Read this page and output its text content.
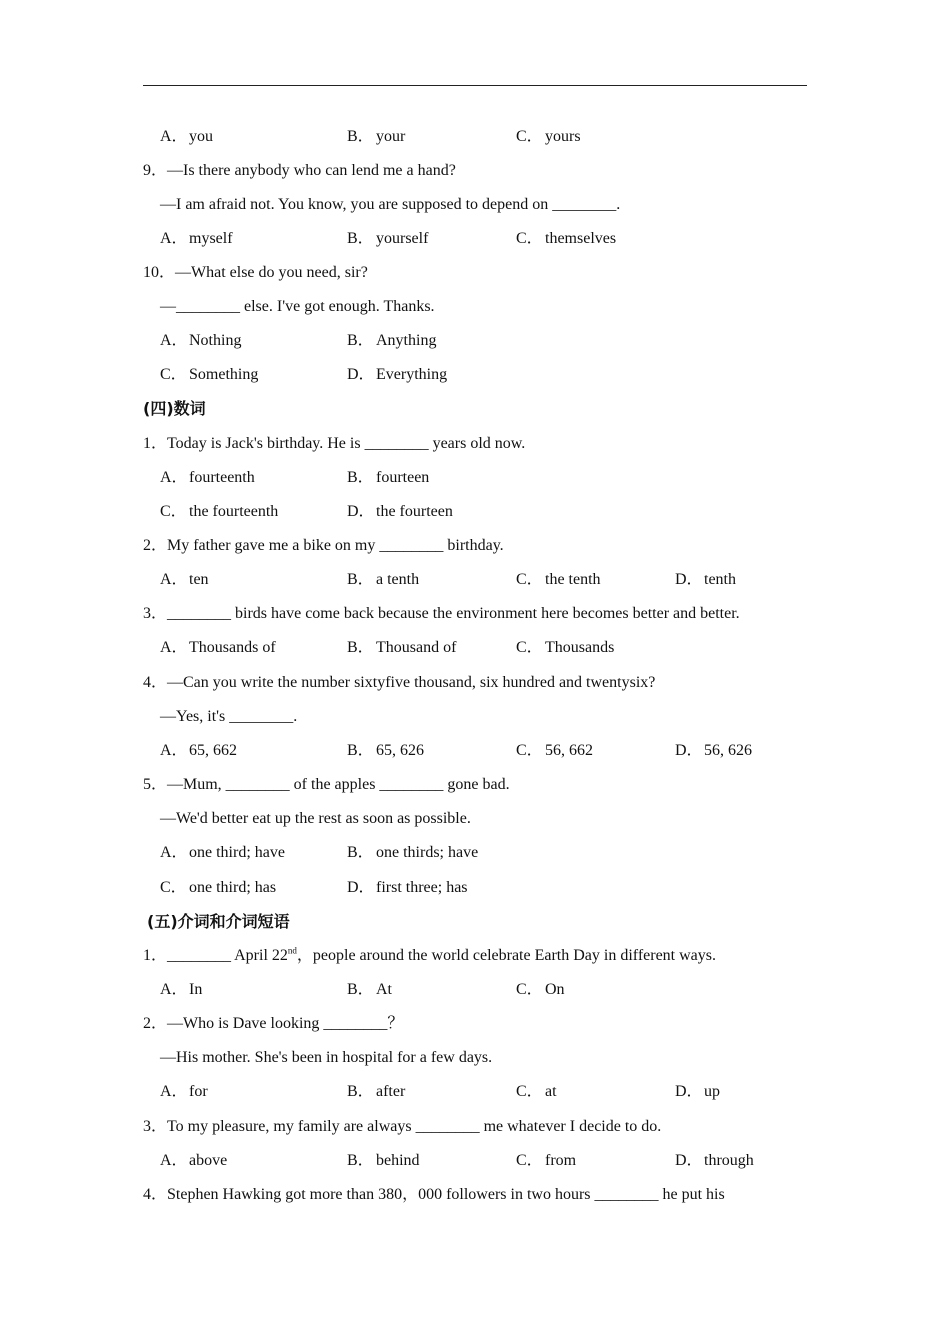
A．you	B． your	C． yours
9．—Is there anybody who can lend me a hand?
—I am afraid not. You know, you are supposed to depend on ________.
A．myself	B． yourself	C． themselves
10．—What else do you need, sir?
—________ else. I've got enough. Thanks.
A．Nothing	B． Anything
C． Something	D．Everything
(四)数词
1．Today is Jack's birthday. He is ________ years old now.
A．fourteenth	B． fourteen
C． the fourteenth	D．the fourteen
2．My father gave me a bike on my ________ birthday.
A．ten	B． a tenth	C． the tenth	D．tenth
3．________ birds have come back because the environment here becomes better and better.
A．Thousands of	B． Thousand of	C． Thousands
4．—Can you write the number sixtyfive thousand, six hundred and twentysix?
—Yes, it's ________.
A．65, 662	B． 65, 626	C． 56, 662	D．56, 626
5．—Mum, ________ of the apples ________ gone bad.
—We'd better eat up the rest as soon as possible.
A．one third; have	B． one thirds; have
C． one third; has	D．first three; has
(五)介词和介词短语
1．________ April 22nd，people around the world celebrate Earth Day in different ways.
A．In	B． At	C． On
2．—Who is Dave looking ________？
—His mother. She's been in hospital for a few days.
A．for	B． after	C． at	D．up
3．To my pleasure, my family are always ________ me whatever I decide to do.
A．above	B． behind	C． from	D．through
4．Stephen Hawking got more than 380，000 followers in two hours ________ he put his
